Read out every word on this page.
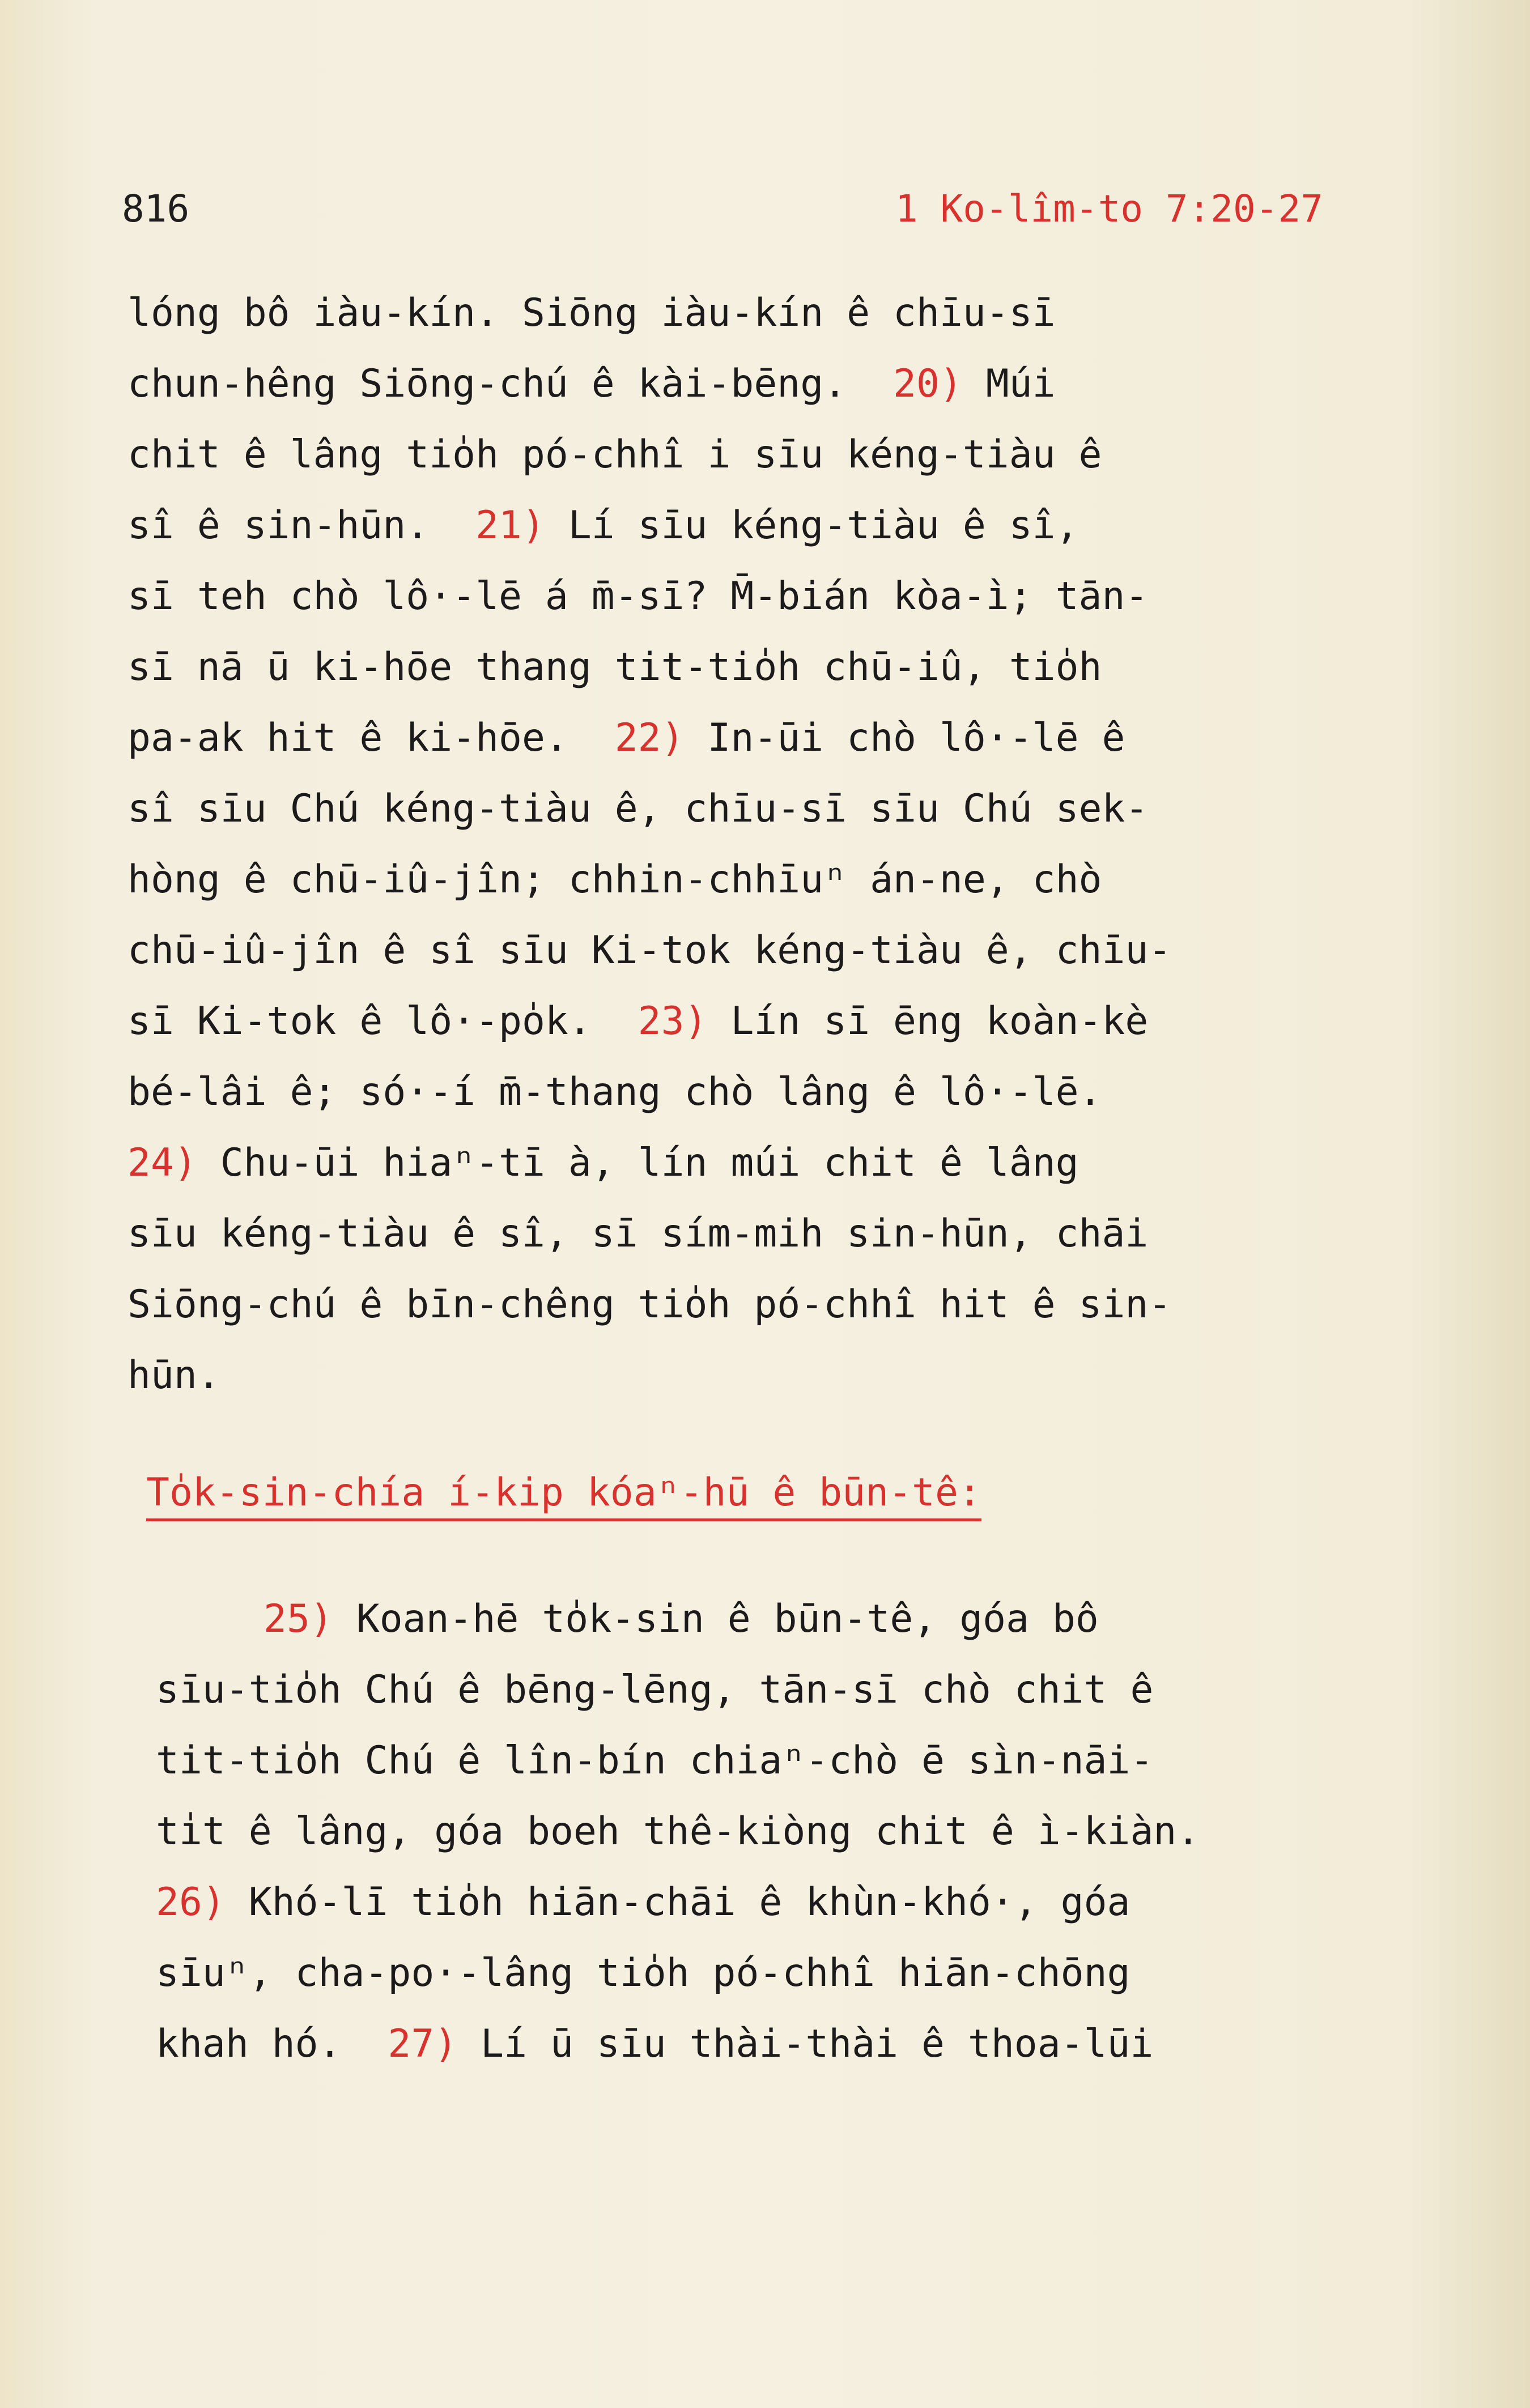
816	1 Ko-lîm-to 7:20-27
lóng bô iàu-kín. Siōng iàu-kín ê chīu-sī
chun-hêng Siōng-chú ê kài-bēng.  20) Múi
chit ê lâng tio̍h pó-chhî i sīu kéng-tiàu ê
sî ê sin-hūn.  21) Lí sīu kéng-tiàu ê sî,
sī teh chò lô·-lē á m̄-sī? M̄-bián kòa-ì; tān-
sī nā ū ki-hōe thang tit-tio̍h chū-iû, tio̍h
pa-ak hit ê ki-hōe.  22) In-ūi chò lô·-lē ê
sî sīu Chú kéng-tiàu ê, chīu-sī sīu Chú sek-
hòng ê chū-iû-jîn; chhin-chhīuⁿ án-ne, chò
chū-iû-jîn ê sî sīu Ki-tok kéng-tiàu ê, chīu-
sī Ki-tok ê lô·-po̍k.  23) Lín sī ēng koàn-kè
bé-lâi ê; só·-í m̄-thang chò lâng ê lô·-lē.
24) Chu-ūi hiaⁿ-tī à, lín múi chit ê lâng
sīu kéng-tiàu ê sî, sī sím-mih sin-hūn, chāi
Siōng-chú ê bīn-chêng tio̍h pó-chhî hit ê sin-
hūn.
To̍k-sin-chía í-kip kóaⁿ-hū ê būn-tê:
25) Koan-hē to̍k-sin ê būn-tê, góa bô
sīu-tio̍h Chú ê bēng-lēng, tān-sī chò chit ê
tit-tio̍h Chú ê lîn-bín chiaⁿ-chò ē sìn-nāi-
ti̍t ê lâng, góa boeh thê-kiòng chit ê ì-kiàn.
26) Khó-lī tio̍h hiān-chāi ê khùn-khó·, góa
sīuⁿ, cha-po·-lâng tio̍h pó-chhî hiān-chōng
khah hó.  27) Lí ū sīu thài-thài ê thoa-lūi
